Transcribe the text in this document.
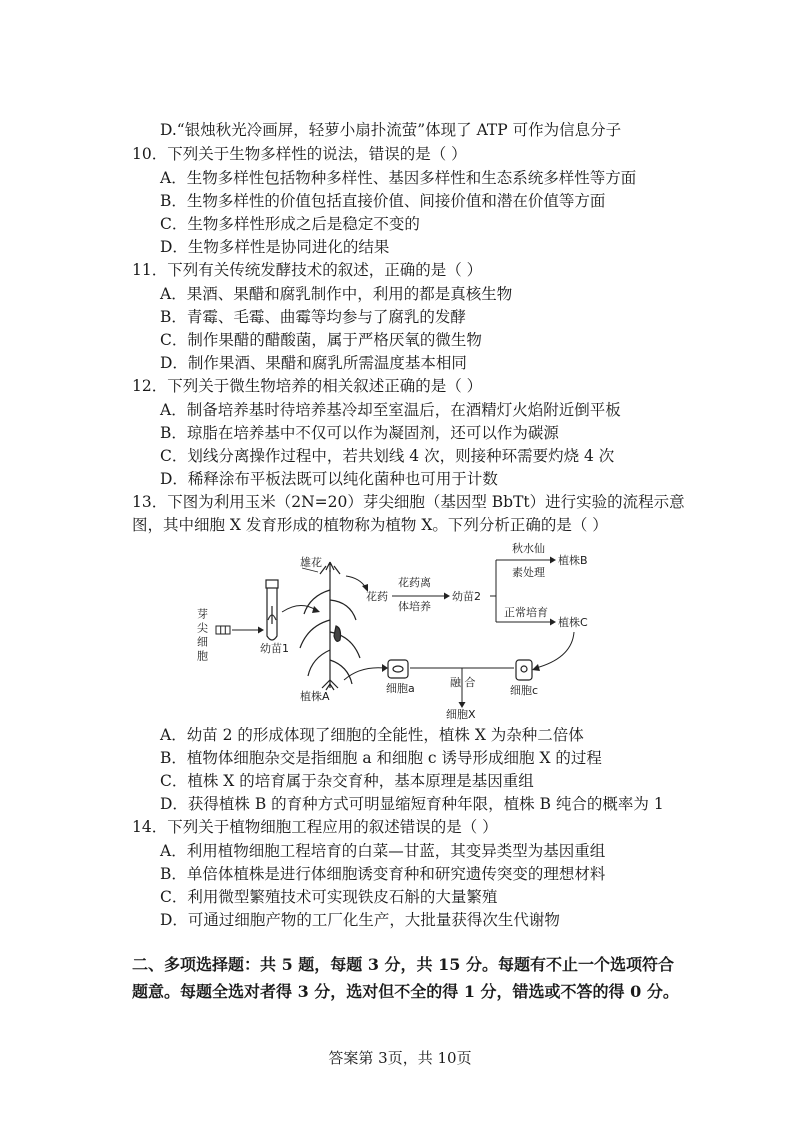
D.“银烛秋光冷画屏，轻萝小扇扑流萤”体现了 ATP 可作为信息分子
10．下列关于生物多样性的说法，错误的是（ ）
A．生物多样性包括物种多样性、基因多样性和生态系统多样性等方面
B．生物多样性的价值包括直接价值、间接价值和潜在价值等方面
C．生物多样性形成之后是稳定不变的
D．生物多样性是协同进化的结果
11．下列有关传统发酵技术的叙述，正确的是（ ）
A．果酒、果醋和腐乳制作中，利用的都是真核生物
B．青霉、毛霉、曲霉等均参与了腐乳的发酵
C．制作果醋的醋酸菌，属于严格厌氧的微生物
D．制作果酒、果醋和腐乳所需温度基本相同
12．下列关于微生物培养的相关叙述正确的是（ ）
A．制备培养基时待培养基冷却至室温后，在酒精灯火焰附近倒平板
B．琼脂在培养基中不仅可以作为凝固剂，还可以作为碳源
C．划线分离操作过程中，若共划线 4 次，则接种环需要灼烧 4 次
D．稀释涂布平板法既可以纯化菌种也可用于计数
13．下图为利用玉米（2N=20）芽尖细胞（基因型 BbTt）进行实验的流程示意
图，其中细胞 X 发育形成的植物称为植物 X。下列分析正确的是（ ）
芽尖细胞	幼苗1
雄花
植株A
花药
花药离
体培养
幼苗2
秋水仙
素处理
植株B
正常培育
植株C
细胞a	细胞c
融 合
细胞X
A．幼苗 2 的形成体现了细胞的全能性，植株 X 为杂种二倍体
B．植物体细胞杂交是指细胞 a 和细胞 c 诱导形成细胞 X 的过程
C．植株 X 的培育属于杂交育种，基本原理是基因重组
D．获得植株 B 的育种方式可明显缩短育种年限，植株 B 纯合的概率为 1
14．下列关于植物细胞工程应用的叙述错误的是（ ）
A．利用植物细胞工程培育的白菜—甘蓝，其变异类型为基因重组
B．单倍体植株是进行体细胞诱变育种和研究遗传突变的理想材料
C．利用微型繁殖技术可实现铁皮石斛的大量繁殖
D．可通过细胞产物的工厂化生产，大批量获得次生代谢物
二、多项选择题：共 5 题，每题 3 分，共 15 分。每题有不止一个选项符合
题意。每题全选对者得 3 分，选对但不全的得 1 分，错选或不答的得 0 分。
答案第 3页，共 10页
